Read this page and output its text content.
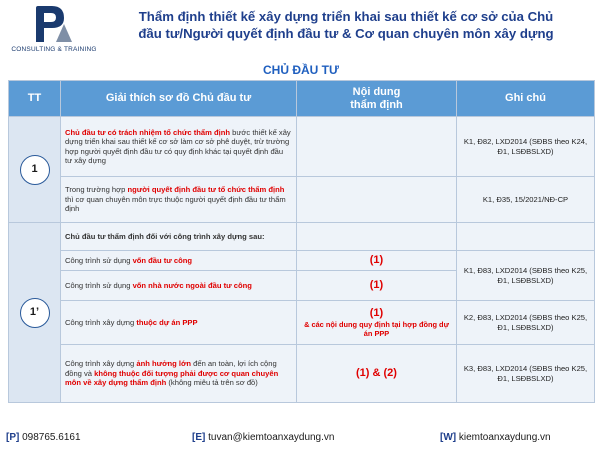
CONSULTING & TRAINING
Thẩm định thiết kế xây dựng triển khai sau thiết kế cơ sở của Chủ
đầu tư/Người quyết định đầu tư & Cơ quan chuyên môn xây dựng
CHỦ ĐẦU TƯ
TT	Giải thích sơ đồ Chủ đầu tư	Nội dung
thẩm định	Ghi chú
1	Chủ đầu tư có trách nhiệm tổ chức thẩm định bước thiết kế xây dựng triển khai sau thiết kế cơ sở làm cơ sở phê duyệt, trừ trường hợp người quyết định đầu tư có quy định khác tại quyết định đầu tư xây dựng		K1, Đ82, LXD2014 (SĐBS theo K24, Đ1, LSĐBSLXD)
	Trong trường hợp người quyết định đầu tư tổ chức thẩm định thì cơ quan chuyên môn trực thuộc người quyết định đầu tư thẩm định		K1, Đ35, 15/2021/NĐ-CP
1’	Chủ đầu tư thẩm định đối với công trình xây dựng sau:		
	Công trình sử dụng vốn đầu tư công	(1)	K1, Đ83, LXD2014 (SĐBS theo K25, Đ1, LSĐBSLXD)
	Công trình sử dụng vốn nhà nước ngoài đầu tư công	(1)	
	Công trình xây dựng thuộc dự án PPP	(1)
& các nội dung quy định tại hợp đồng dự án PPP	K2, Đ83, LXD2014 (SĐBS theo K25, Đ1, LSĐBSLXD)
	Công trình xây dựng ảnh hưởng lớn đến an toàn, lợi ích cộng đồng và không thuộc đối tượng phải được cơ quan chuyên môn về xây dựng thẩm định (không miêu tả trên sơ đồ)	(1) & (2)	K3, Đ83, LXD2014 (SĐBS theo K25, Đ1, LSĐBSLXD)
[P] 098765.6161	[E] tuvan@kiemtoanxaydung.vn	[W] kiemtoanxaydung.vn
